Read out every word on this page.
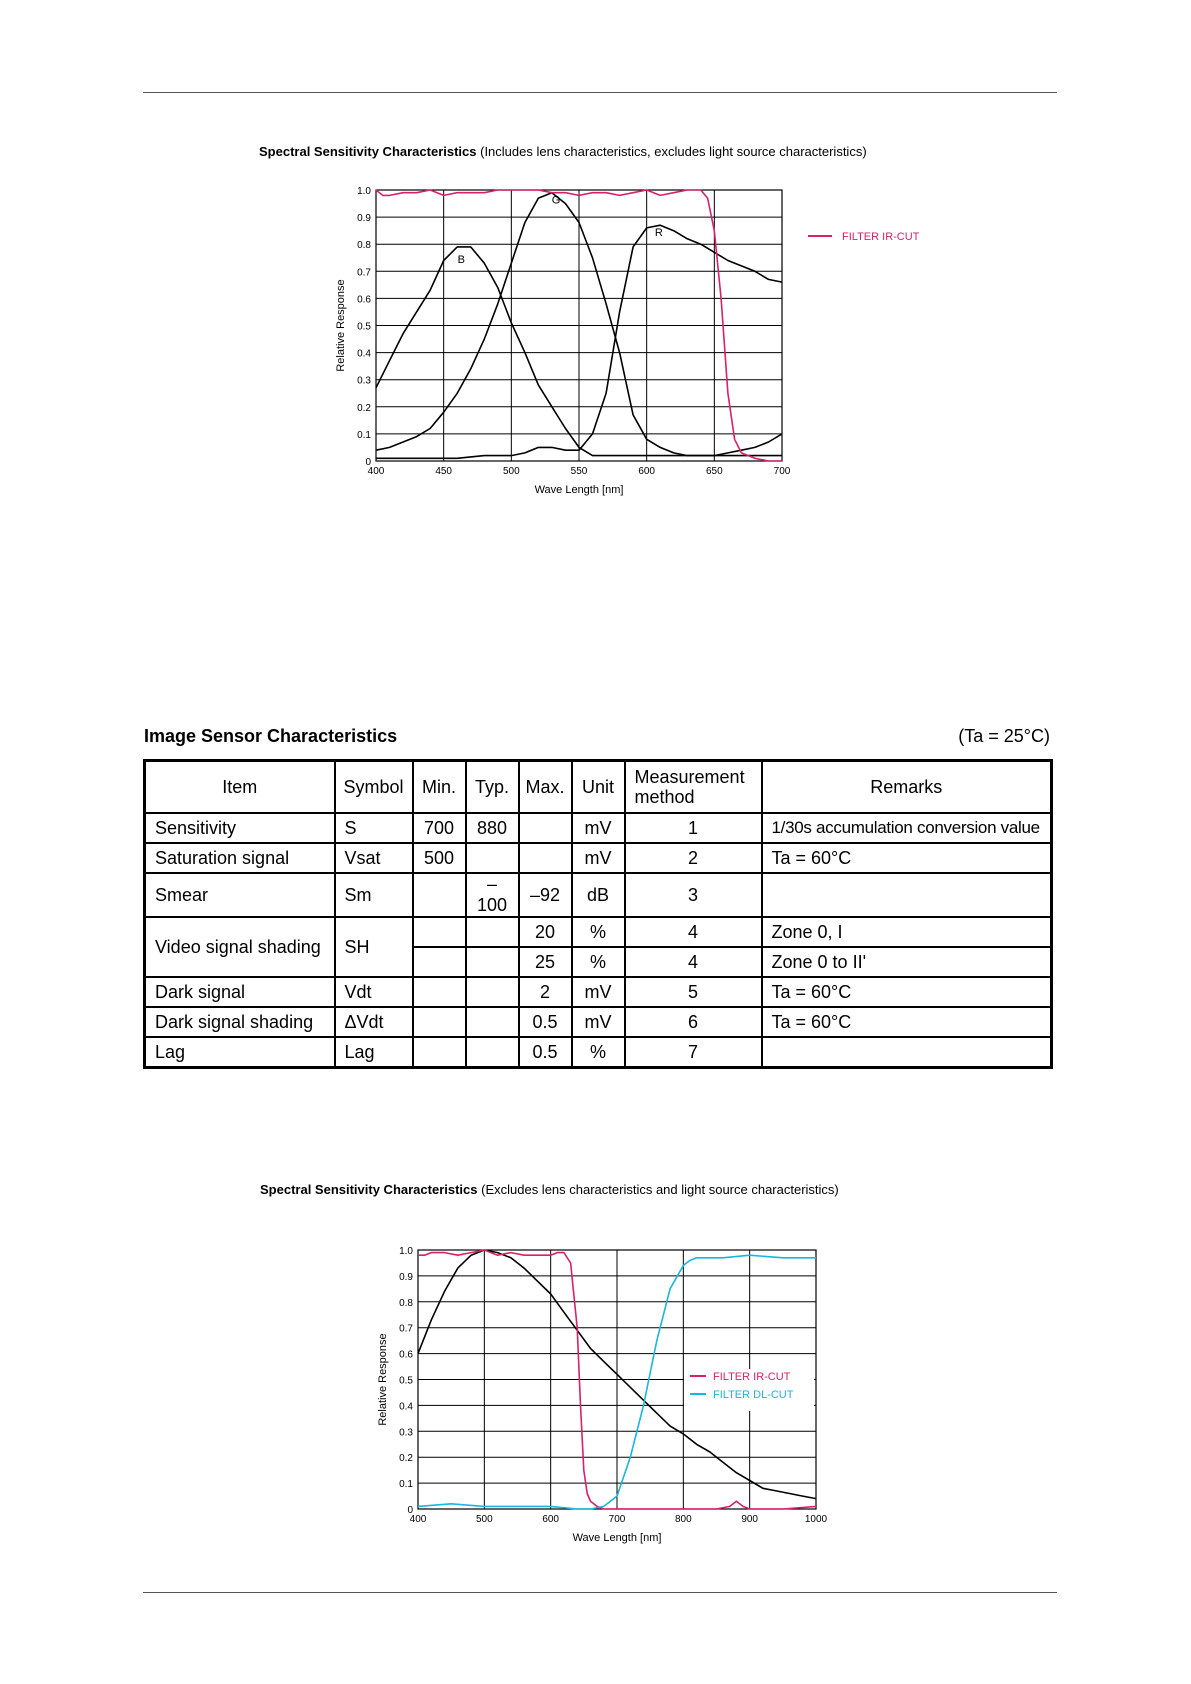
Spectral Sensitivity Characteristics (Includes lens characteristics, excludes light source characteristics)
400	450	500	550	600	650	700
0
0.1
0.2
0.3
0.4
0.5
0.6
0.7
0.8
0.9
1.0
Wave Length [nm]
Relative Response
B
G
R	FILTER IR-CUT
Image Sensor Characteristics	(Ta = 25°C)
Item	Symbol	Min.	Typ.	Max.	Unit	Measurement method	Remarks
Sensitivity	S	700	880		mV	1	1/30s accumulation conversion value
Saturation signal	Vsat	500			mV	2	Ta = 60°C
Smear	Sm		–100	–92	dB	3	
Video signal shading	SH			20	%	4	Zone 0, I
				25	%	4	Zone 0 to II'
Dark signal	Vdt			2	mV	5	Ta = 60°C
Dark signal shading	ΔVdt			0.5	mV	6	Ta = 60°C
Lag	Lag			0.5	%	7	
Spectral Sensitivity Characteristics (Excludes lens characteristics and light source characteristics)
400	500	600	700	800	900	1000
0
0.1
0.2
0.3
0.4
0.5
0.6
0.7
0.8
0.9
1.0
Wave Length [nm]
Relative Response	FILTER IR-CUT
FILTER DL-CUT
